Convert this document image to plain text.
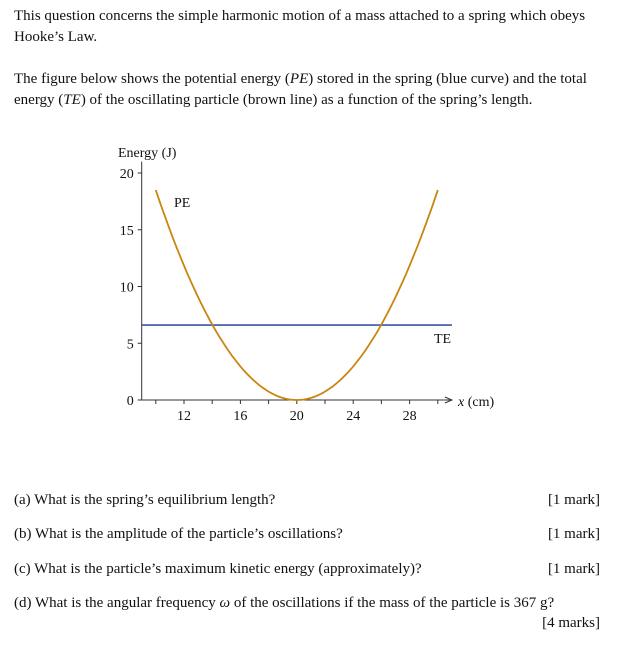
This question concerns the simple harmonic motion of a mass attached to a spring which obeys Hooke’s Law.
The figure below shows the potential energy (PE) stored in the spring (blue curve) and the total energy (TE) of the oscillating particle (brown line) as a function of the spring’s length.
Energy (J)
0
5
10
15
20
12	16	20	24	28
PE
TE
x (cm)
(a) What is the spring’s equilibrium length?	[1 mark]
(b) What is the amplitude of the particle’s oscillations?	[1 mark]
(c) What is the particle’s maximum kinetic energy (approximately)?	[1 mark]
(d) What is the angular frequency ω of the oscillations if the mass of the particle is 367 g?
[4 marks]
